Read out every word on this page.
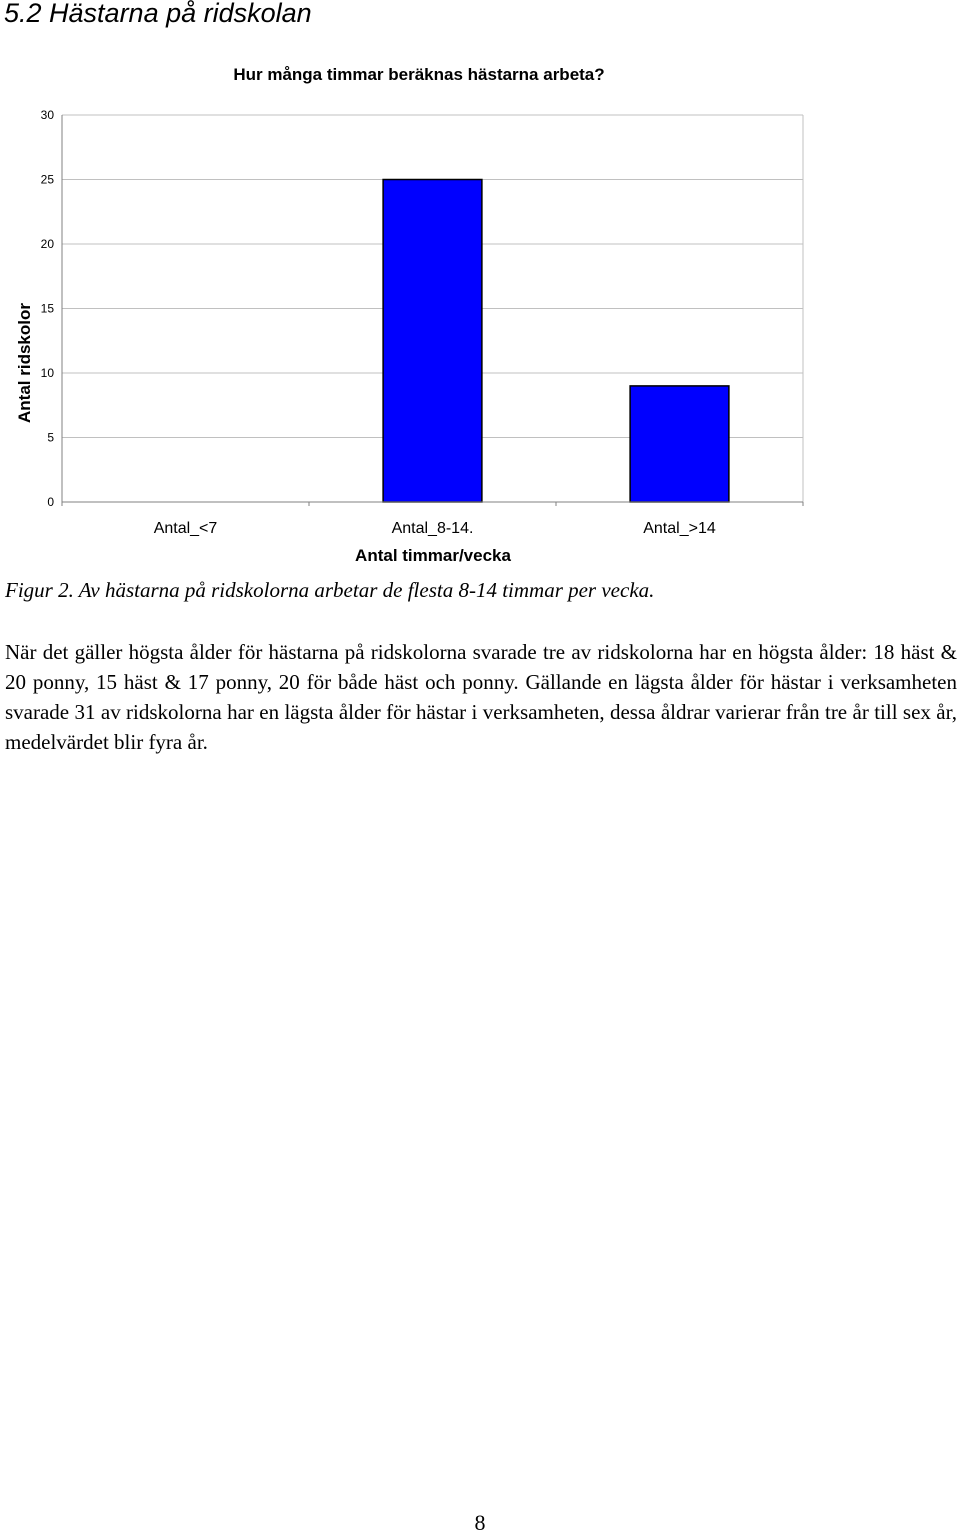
5.2 Hästarna på ridskolan
0
5
10
15
20
25
30
Antal_<7	Antal_8-14.	Antal_>14
Hur många timmar beräknas hästarna arbeta?
Antal ridskolor
Antal timmar/vecka

Figur 2. Av hästarna på ridskolorna arbetar de flesta 8-14 timmar per vecka.

När det gäller högsta ålder för hästarna på ridskolorna svarade tre av ridskolorna har en högsta ålder: 18 häst & 20 ponny, 15 häst & 17 ponny, 20 för både häst och ponny. Gällande en lägsta ålder för hästar i verksamheten svarade 31 av ridskolorna har en lägsta ålder för hästar i verksamheten, dessa åldrar varierar från tre år till sex år, medelvärdet blir fyra år.

8
